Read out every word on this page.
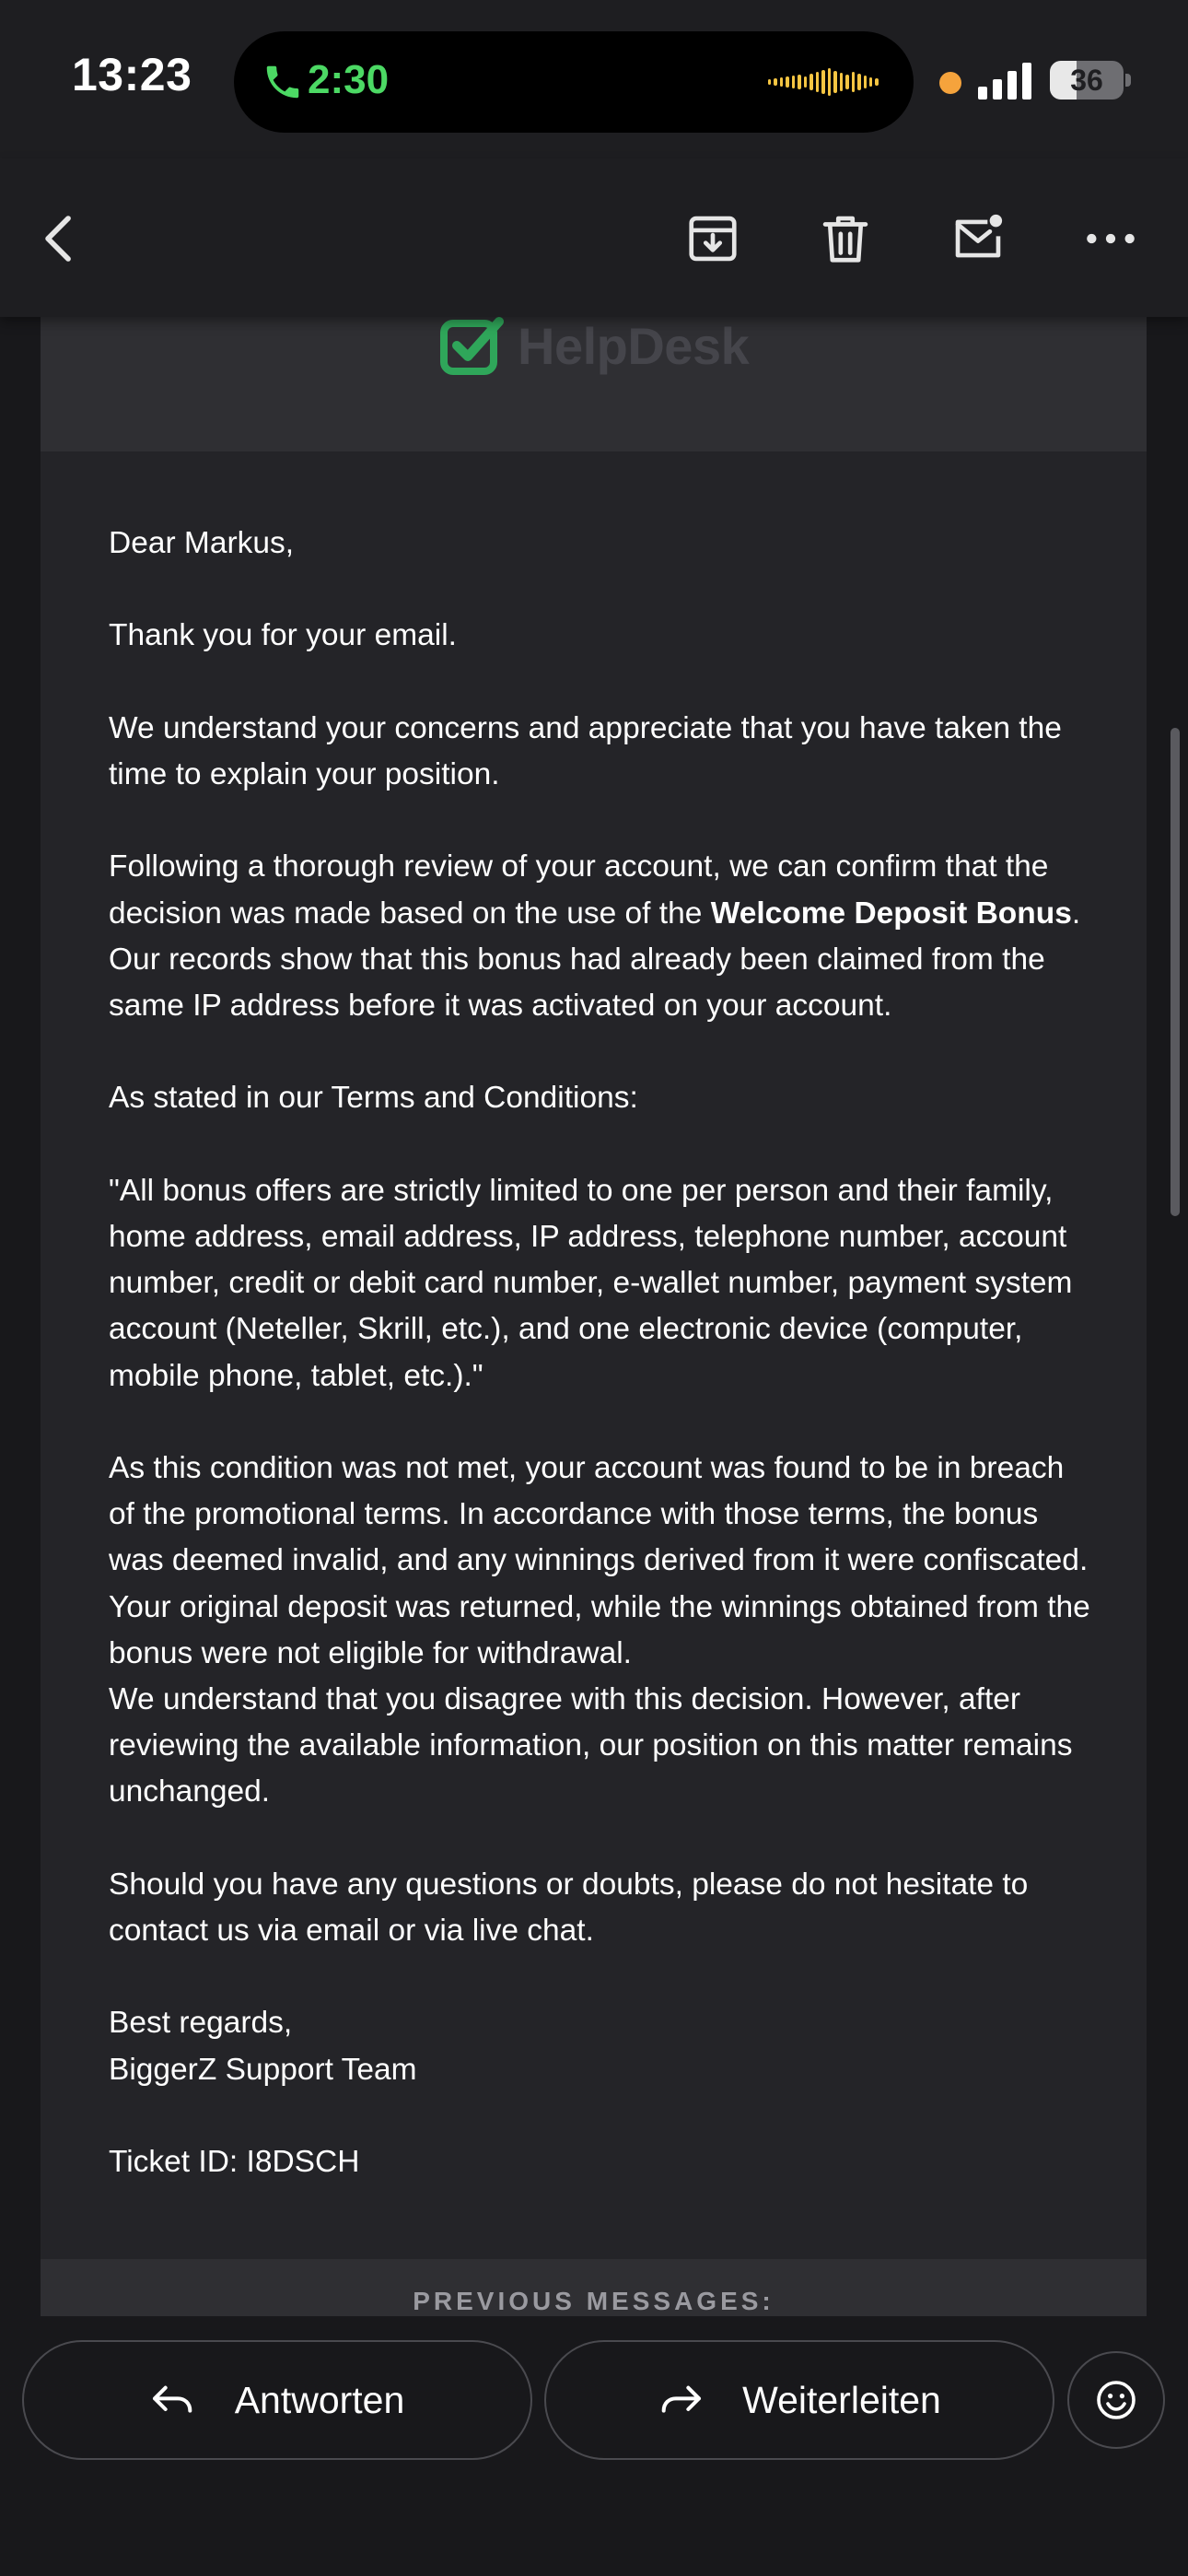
13:23	2:30	36
HelpDesk

Dear Markus,

Thank you for your email.

We understand your concerns and appreciate that you have taken the time to explain your position.

Following a thorough review of your account, we can confirm that the decision was made based on the use of the Welcome Deposit Bonus. Our records show that this bonus had already been claimed from the same IP address before it was activated on your account.

As stated in our Terms and Conditions:

"All bonus offers are strictly limited to one per person and their family, home address, email address, IP address, telephone number, account number, credit or debit card number, e-wallet number, payment system account (Neteller, Skrill, etc.), and one electronic device (computer, mobile phone, tablet, etc.)."

As this condition was not met, your account was found to be in breach of the promotional terms. In accordance with those terms, the bonus was deemed invalid, and any winnings derived from it were confiscated. Your original deposit was returned, while the winnings obtained from the bonus were not eligible for withdrawal.

We understand that you disagree with this decision. However, after reviewing the available information, our position on this matter remains unchanged.

Should you have any questions or doubts, please do not hesitate to contact us via email or via live chat.

Best regards,

BiggerZ Support Team

Ticket ID: I8DSCH

PREVIOUS MESSAGES:
Antworten	Weiterleiten
